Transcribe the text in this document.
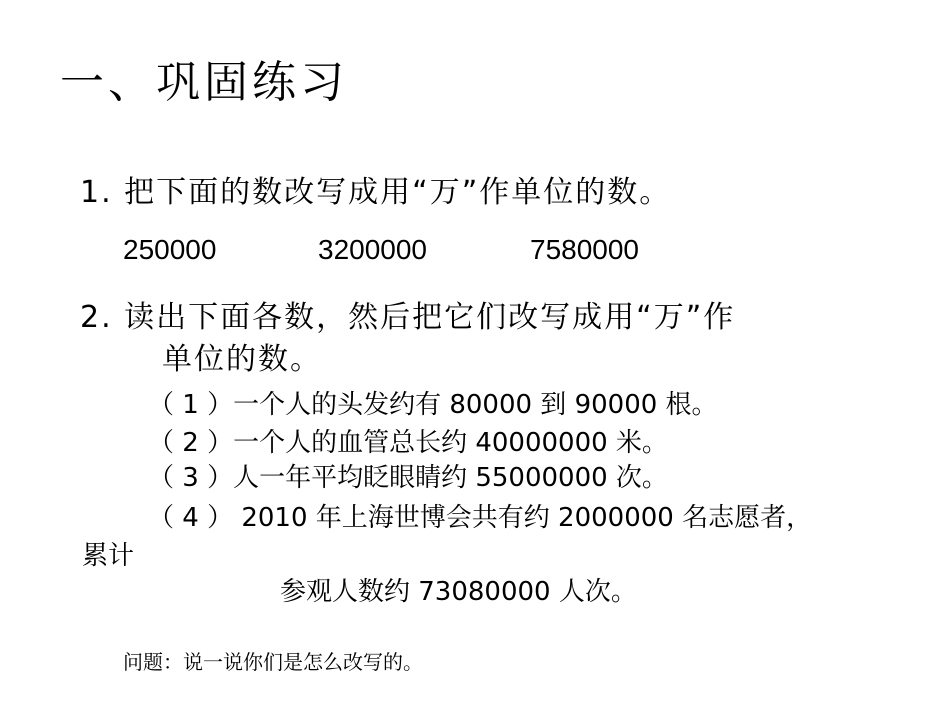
一、巩固练习
1. 把下面的数改写成用“万”作单位的数。
250000	3200000	7580000
2. 读出下面各数，然后把它们改写成用“万”作
单位的数。
（ 1 ）一个人的头发约有 80000 到 90000 根。
（ 2 ）一个人的血管总长约 40000000 米。
（ 3 ）人一年平均眨眼睛约 55000000 次。
（ 4 ） 2010 年上海世博会共有约 2000000 名志愿者，
累计
参观人数约 73080000 人次。
问题：说一说你们是怎么改写的。
